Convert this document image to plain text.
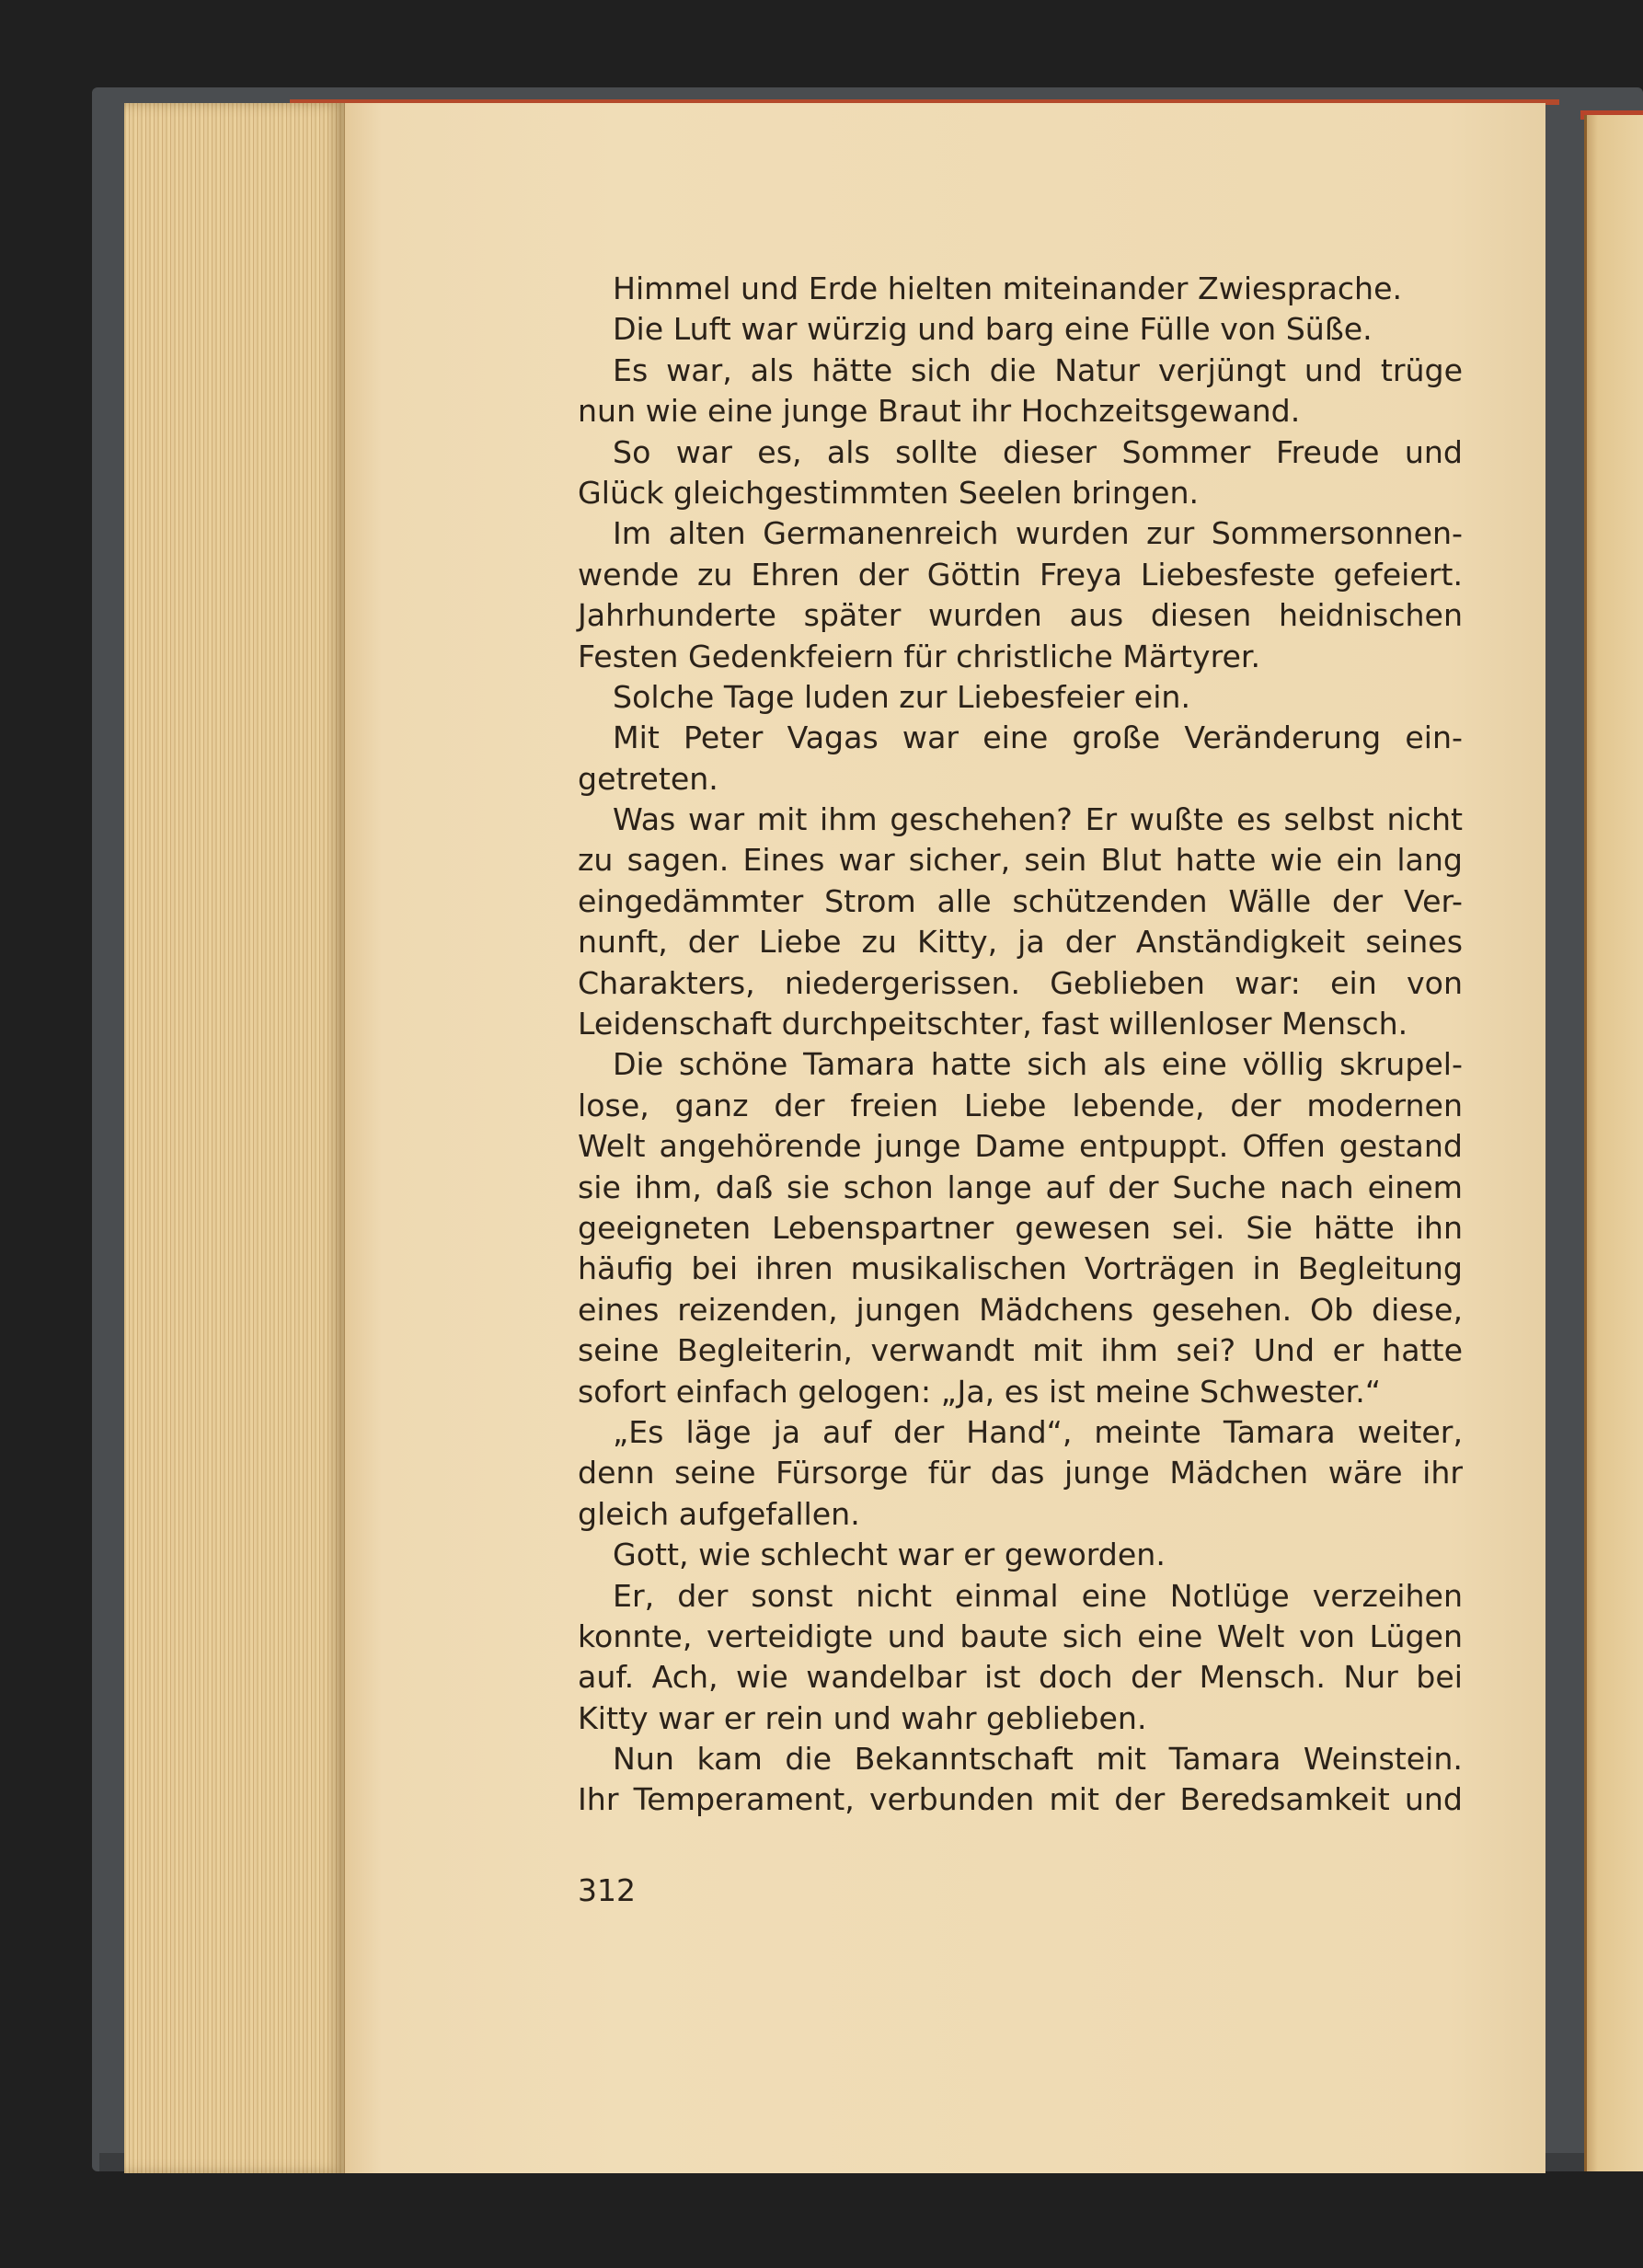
Himmel und Erde hielten miteinander Zwiesprache.
Die Luft war würzig und barg eine Fülle von Süße.
Es war, als hätte sich die Natur verjüngt und trüge
nun wie eine junge Braut ihr Hochzeitsgewand.
So war es, als sollte dieser Sommer Freude und
Glück gleichgestimmten Seelen bringen.
Im alten Germanenreich wurden zur Sommersonnen-
wende zu Ehren der Göttin Freya Liebesfeste gefeiert.
Jahrhunderte später wurden aus diesen heidnischen
Festen Gedenkfeiern für christliche Märtyrer.
Solche Tage luden zur Liebesfeier ein.
Mit Peter Vagas war eine große Veränderung ein-
getreten.
Was war mit ihm geschehen? Er wußte es selbst nicht
zu sagen. Eines war sicher, sein Blut hatte wie ein lang
eingedämmter Strom alle schützenden Wälle der Ver-
nunft, der Liebe zu Kitty, ja der Anständigkeit seines
Charakters, niedergerissen. Geblieben war: ein von
Leidenschaft durchpeitschter, fast willenloser Mensch.
Die schöne Tamara hatte sich als eine völlig skrupel-
lose, ganz der freien Liebe lebende, der modernen
Welt angehörende junge Dame entpuppt. Offen gestand
sie ihm, daß sie schon lange auf der Suche nach einem
geeigneten Lebenspartner gewesen sei. Sie hätte ihn
häufig bei ihren musikalischen Vorträgen in Begleitung
eines reizenden, jungen Mädchens gesehen. Ob diese,
seine Begleiterin, verwandt mit ihm sei? Und er hatte
sofort einfach gelogen: „Ja, es ist meine Schwester.“
„Es läge ja auf der Hand“, meinte Tamara weiter,
denn seine Fürsorge für das junge Mädchen wäre ihr
gleich aufgefallen.
Gott, wie schlecht war er geworden.
Er, der sonst nicht einmal eine Notlüge verzeihen
konnte, verteidigte und baute sich eine Welt von Lügen
auf. Ach, wie wandelbar ist doch der Mensch. Nur bei
Kitty war er rein und wahr geblieben.
Nun kam die Bekanntschaft mit Tamara Weinstein.
Ihr Temperament, verbunden mit der Beredsamkeit und
312
